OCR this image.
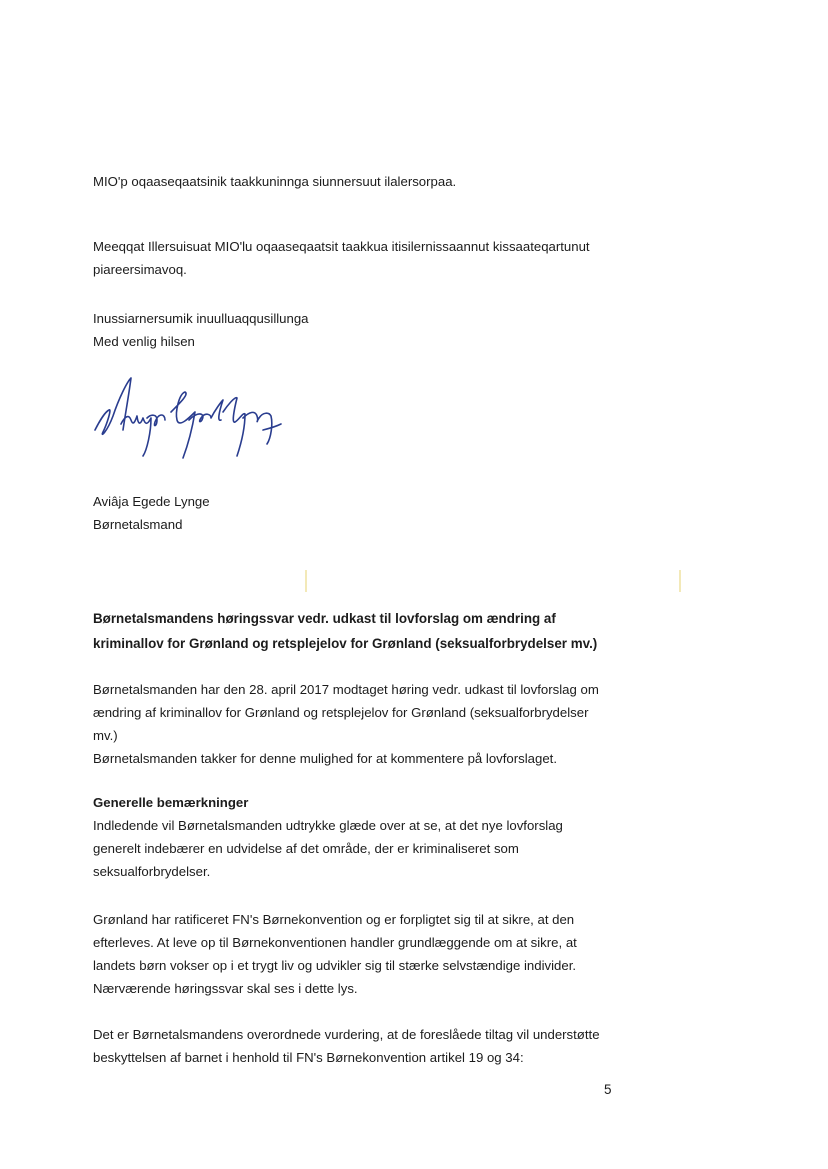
MIO'p oqaaseqaatsinik taakkuninnga siunnersuut ilalersorpaa.
Meeqqat Illersuisuat MIO'lu oqaaseqaatsit taakkua itisilernissaannut kissaateqartunut
piareersimavoq.
Inussiarnersumik inuulluaqqusillunga
Med venlig hilsen
Aviâja Egede Lynge
Børnetalsmand
Børnetalsmandens høringssvar vedr. udkast til lovforslag om ændring af
kriminallov for Grønland og retsplejelov for Grønland (seksualforbrydelser mv.)
Børnetalsmanden har den 28. april 2017 modtaget høring vedr. udkast til lovforslag om
ændring af kriminallov for Grønland og retsplejelov for Grønland (seksualforbrydelser
mv.)
Børnetalsmanden takker for denne mulighed for at kommentere på lovforslaget.
Generelle bemærkninger
Indledende vil Børnetalsmanden udtrykke glæde over at se, at det nye lovforslag
generelt indebærer en udvidelse af det område, der er kriminaliseret som
seksualforbrydelser.
Grønland har ratificeret FN's Børnekonvention og er forpligtet sig til at sikre, at den
efterleves. At leve op til Børnekonventionen handler grundlæggende om at sikre, at
landets børn vokser op i et trygt liv og udvikler sig til stærke selvstændige individer.
Nærværende høringssvar skal ses i dette lys.
Det er Børnetalsmandens overordnede vurdering, at de foreslåede tiltag vil understøtte
beskyttelsen af barnet i henhold til FN's Børnekonvention artikel 19 og 34:
5
